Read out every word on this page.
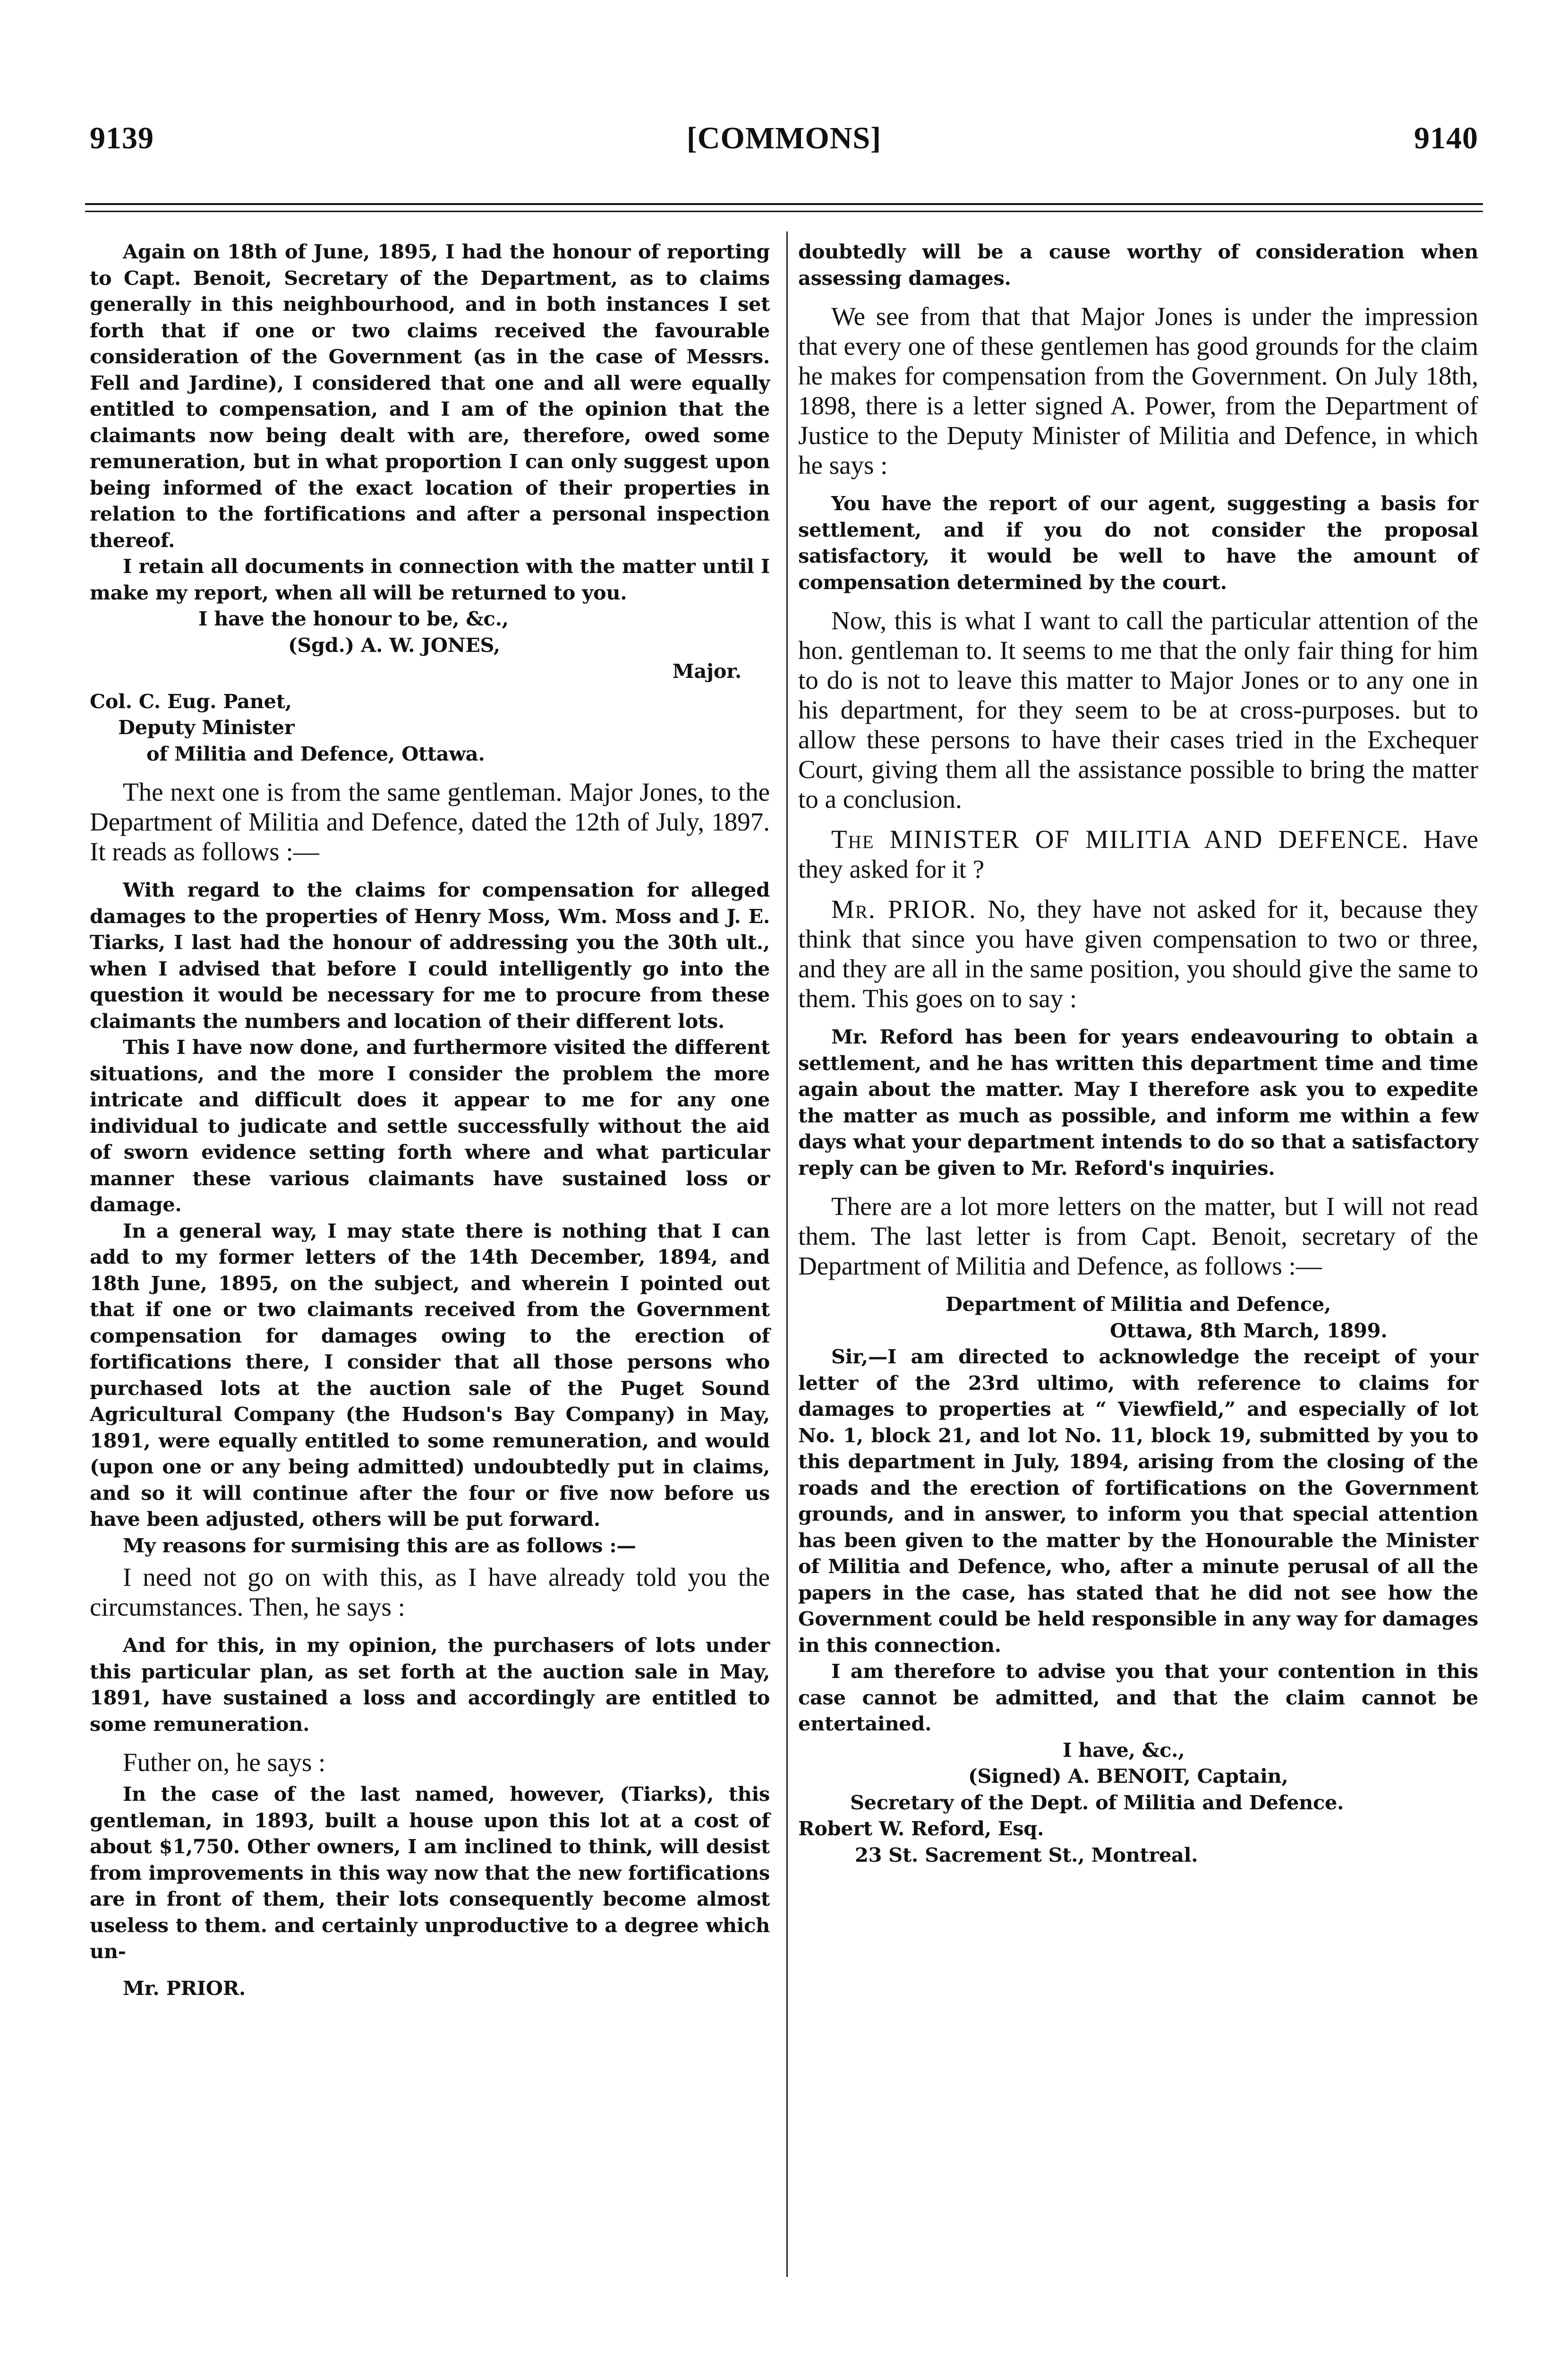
9139	[COMMONS]	9140

Again on 18th of June, 1895, I had the honour of reporting to Capt. Benoit, Secretary of the Department, as to claims generally in this neighbourhood, and in both instances I set forth that if one or two claims received the favourable consideration of the Government (as in the case of Messrs. Fell and Jardine), I considered that one and all were equally entitled to compensation, and I am of the opinion that the claimants now being dealt with are, therefore, owed some remuneration, but in what proportion I can only suggest upon being informed of the exact location of their properties in relation to the fortifications and after a personal inspection thereof.

I retain all documents in connection with the matter until I make my report, when all will be returned to you.

I have the honour to be, &c.,

(Sgd.) A. W. JONES,

Major.

Col. C. Eug. Panet,

Deputy Minister

of Militia and Defence, Ottawa.

The next one is from the same gentleman. Major Jones, to the Department of Militia and Defence, dated the 12th of July, 1897. It reads as follows :—

With regard to the claims for compensation for alleged damages to the properties of Henry Moss, Wm. Moss and J. E. Tiarks, I last had the honour of addressing you the 30th ult., when I advised that before I could intelligently go into the question it would be necessary for me to procure from these claimants the numbers and location of their different lots.

This I have now done, and furthermore visited the different situations, and the more I consider the problem the more intricate and difficult does it appear to me for any one individual to judicate and settle successfully without the aid of sworn evidence setting forth where and what particular manner these various claimants have sustained loss or damage.

In a general way, I may state there is nothing that I can add to my former letters of the 14th December, 1894, and 18th June, 1895, on the subject, and wherein I pointed out that if one or two claimants received from the Government compensation for damages owing to the erection of fortifications there, I consider that all those persons who purchased lots at the auction sale of the Puget Sound Agricultural Company (the Hudson's Bay Company) in May, 1891, were equally entitled to some remuneration, and would (upon one or any being admitted) undoubtedly put in claims, and so it will continue after the four or five now before us have been adjusted, others will be put forward.

My reasons for surmising this are as follows :—

I need not go on with this, as I have already told you the circumstances. Then, he says :

And for this, in my opinion, the purchasers of lots under this particular plan, as set forth at the auction sale in May, 1891, have sustained a loss and accordingly are entitled to some remuneration.

Futher on, he says :

In the case of the last named, however, (Tiarks), this gentleman, in 1893, built a house upon this lot at a cost of about $1,750. Other owners, I am inclined to think, will desist from improvements in this way now that the new fortifications are in front of them, their lots consequently become almost useless to them. and certainly unproductive to a degree which un-

Mr. PRIOR.

doubtedly will be a cause worthy of consideration when assessing damages.

We see from that that Major Jones is under the impression that every one of these gentlemen has good grounds for the claim he makes for compensation from the Government. On July 18th, 1898, there is a letter signed A. Power, from the Department of Justice to the Deputy Minister of Militia and Defence, in which he says :

You have the report of our agent, suggesting a basis for settlement, and if you do not consider the proposal satisfactory, it would be well to have the amount of compensation determined by the court.

Now, this is what I want to call the particular attention of the hon. gentleman to. It seems to me that the only fair thing for him to do is not to leave this matter to Major Jones or to any one in his department, for they seem to be at cross-purposes. but to allow these persons to have their cases tried in the Exchequer Court, giving them all the assistance possible to bring the matter to a conclusion.

The MINISTER OF MILITIA AND DEFENCE. Have they asked for it ?

Mr. PRIOR. No, they have not asked for it, because they think that since you have given compensation to two or three, and they are all in the same position, you should give the same to them. This goes on to say :

Mr. Reford has been for years endeavouring to obtain a settlement, and he has written this department time and time again about the matter. May I therefore ask you to expedite the matter as much as possible, and inform me within a few days what your department intends to do so that a satisfactory reply can be given to Mr. Reford's inquiries.

There are a lot more letters on the matter, but I will not read them. The last letter is from Capt. Benoit, secretary of the Department of Militia and Defence, as follows :—

Department of Militia and Defence,

Ottawa, 8th March, 1899.

Sir,—I am directed to acknowledge the receipt of your letter of the 23rd ultimo, with reference to claims for damages to properties at “ Viewfield,” and especially of lot No. 1, block 21, and lot No. 11, block 19, submitted by you to this department in July, 1894, arising from the closing of the roads and the erection of fortifications on the Government grounds, and in answer, to inform you that special attention has been given to the matter by the Honourable the Minister of Militia and Defence, who, after a minute perusal of all the papers in the case, has stated that he did not see how the Government could be held responsible in any way for damages in this connection.

I am therefore to advise you that your contention in this case cannot be admitted, and that the claim cannot be entertained.

I have, &c.,

(Signed) A. BENOIT, Captain,

Secretary of the Dept. of Militia and Defence.

Robert W. Reford, Esq.

23 St. Sacrement St., Montreal.
